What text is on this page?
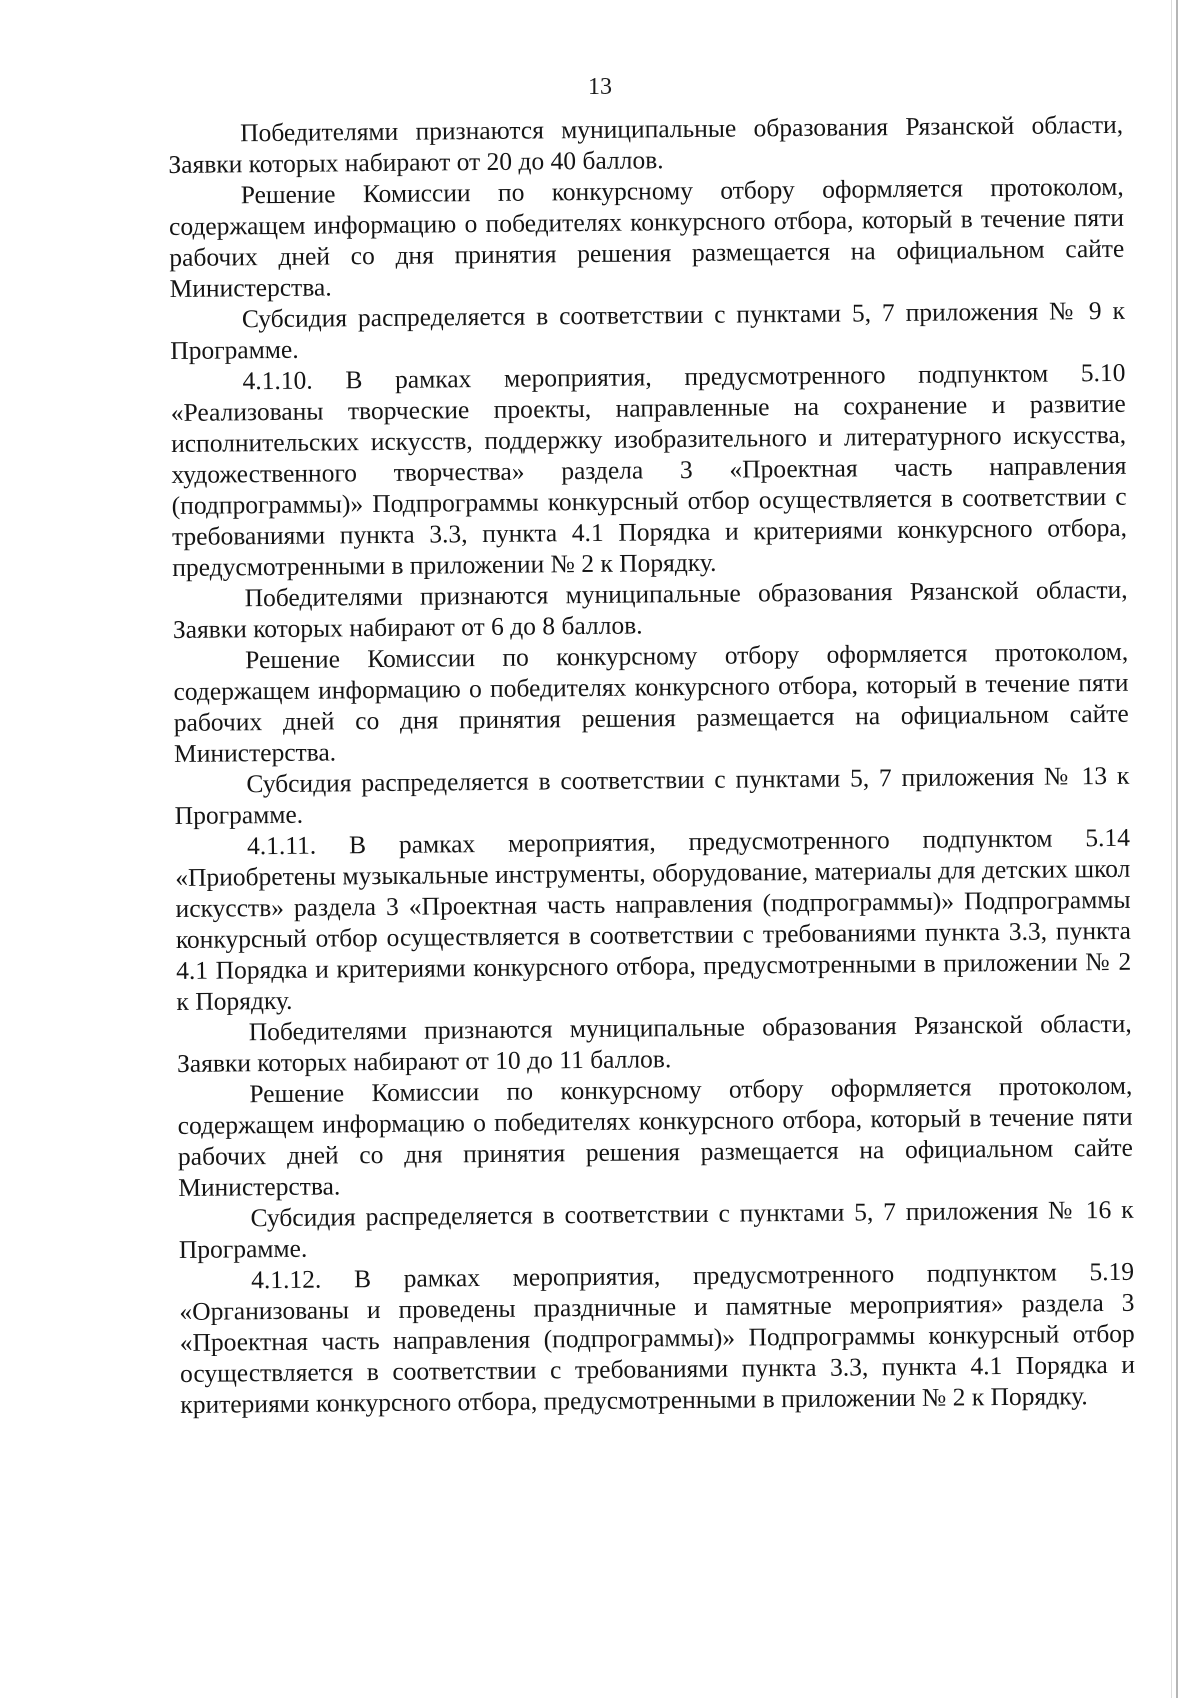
13

Победителями признаются муниципальные образования Рязанской области, Заявки которых набирают от 20 до 40 баллов.

Решение Комиссии по конкурсному отбору оформляется протоколом, содержащем информацию о победителях конкурсного отбора, который в течение пяти рабочих дней со дня принятия решения размещается на официальном сайте Министерства.

Субсидия распределяется в соответствии с пунктами 5, 7 приложения № 9 к Программе.

4.1.10. В рамках мероприятия, предусмотренного подпунктом 5.10 «Реализованы творческие проекты, направленные на сохранение и развитие исполнительских искусств, поддержку изобразительного и литературного искусства, художественного творчества» раздела 3 «Проектная часть направления (подпрограммы)» Подпрограммы конкурсный отбор осуществляется в соответствии с требованиями пункта 3.3, пункта 4.1 Порядка и критериями конкурсного отбора, предусмотренными в приложении № 2 к Порядку.

Победителями признаются муниципальные образования Рязанской области, Заявки которых набирают от 6 до 8 баллов.

Решение Комиссии по конкурсному отбору оформляется протоколом, содержащем информацию о победителях конкурсного отбора, который в течение пяти рабочих дней со дня принятия решения размещается на официальном сайте Министерства.

Субсидия распределяется в соответствии с пунктами 5, 7 приложения № 13 к Программе.

4.1.11. В рамках мероприятия, предусмотренного подпунктом 5.14 «Приобретены музыкальные инструменты, оборудование, материалы для детских школ искусств» раздела 3 «Проектная часть направления (подпрограммы)» Подпрограммы конкурсный отбор осуществляется в соответствии с требованиями пункта 3.3, пункта 4.1 Порядка и критериями конкурсного отбора, предусмотренными в приложении № 2 к Порядку.

Победителями признаются муниципальные образования Рязанской области, Заявки которых набирают от 10 до 11 баллов.

Решение Комиссии по конкурсному отбору оформляется протоколом, содержащем информацию о победителях конкурсного отбора, который в течение пяти рабочих дней со дня принятия решения размещается на официальном сайте Министерства.

Субсидия распределяется в соответствии с пунктами 5, 7 приложения № 16 к Программе.

4.1.12. В рамках мероприятия, предусмотренного подпунктом 5.19 «Организованы и проведены праздничные и памятные мероприятия» раздела 3 «Проектная часть направления (подпрограммы)» Подпрограммы конкурсный отбор осуществляется в соответствии с требованиями пункта 3.3, пункта 4.1 Порядка и критериями конкурсного отбора, предусмотренными в приложении № 2 к Порядку.
